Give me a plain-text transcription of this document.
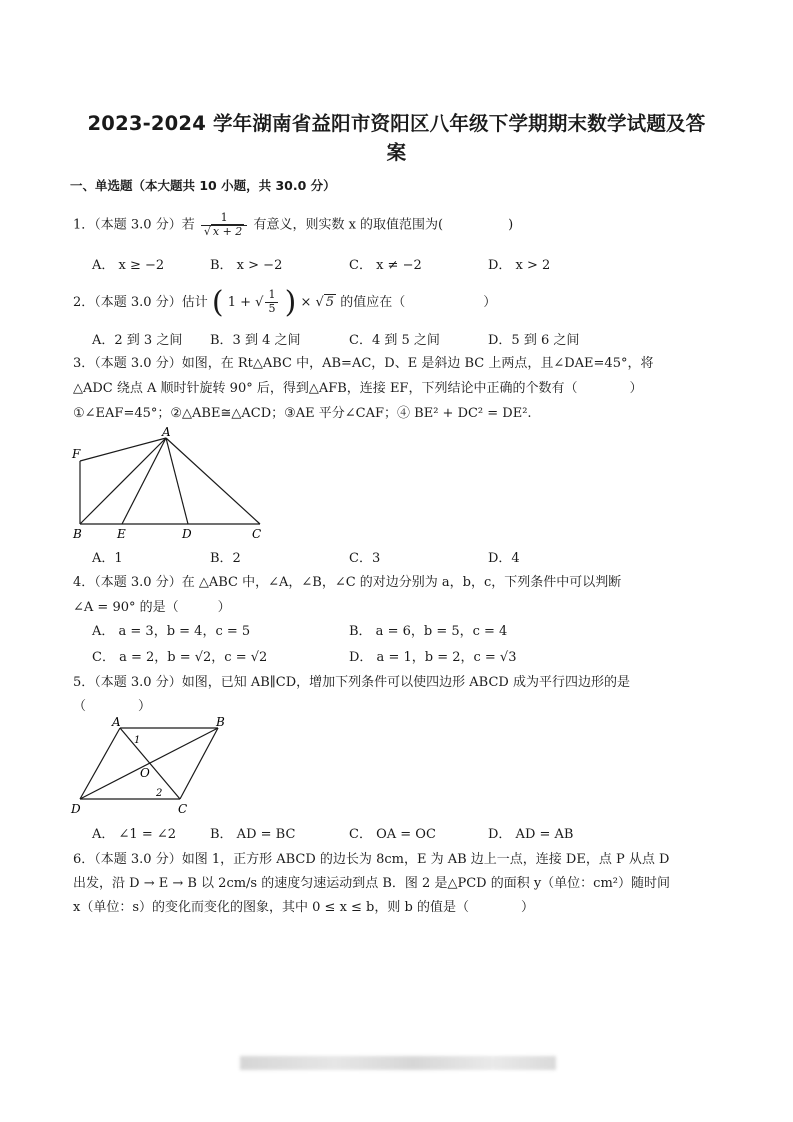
2023-2024 学年湖南省益阳市资阳区八年级下学期期末数学试题及答
案
一、单选题（本大题共 10 小题，共 30.0 分）
1．（本题 3.0 分）若 $\frac{1}{√ x + 2}$ 有意义，则实数 x 的取值范围为(　　　　　)
A． x ≥ −2	B． x > −2	C． x ≠ −2	D． x > 2
2．（本题 3.0 分）估计 ( 1 + √ $\frac{1}{5}$ ) × √ 5 的值应在（　　　　　　）
A．2 到 3 之间 B．3 到 4 之间	C．4 到 5 之间	D．5 到 6 之间
3．（本题 3.0 分）如图，在 Rt△ABC 中，AB=AC，D、E 是斜边 BC 上两点，且∠DAE=45°，将
△ADC 绕点 A 顺时针旋转 90° 后，得到△AFB，连接 EF，下列结论中正确的个数有（　　　　）
①∠EAF=45°；②△ABE≅△ACD；③AE 平分∠CAF；④ BE² + DC² = DE².
A
F
B	E	D	C
A．1	B．2	C．3	D．4
4．（本题 3.0 分）在 △ABC 中，∠A，∠B，∠C 的对边分别为 a，b，c，下列条件中可以判断
∠A = 90° 的是（　　　）
A． a = 3，b = 4，c = 5	B． a = 6，b = 5，c = 4
C． a = 2，b = √2，c = √2	D． a = 1，b = 2，c = √3
5．（本题 3.0 分）如图，已知 AB∥CD，增加下列条件可以使四边形 ABCD 成为平行四边形的是
（　　　　）
A	B
1
O
2
D	C
A． ∠1 = ∠2	B． AD = BC	C． OA = OC	D． AD = AB
6．（本题 3.0 分）如图 1，正方形 ABCD 的边长为 8cm，E 为 AB 边上一点，连接 DE，点 P 从点 D
出发，沿 D → E → B 以 2cm/s 的速度匀速运动到点 B．图 2 是△PCD 的面积 y（单位：cm²）随时间
x（单位：s）的变化而变化的图象，其中 0 ≤ x ≤ b，则 b 的值是（　　　　）
